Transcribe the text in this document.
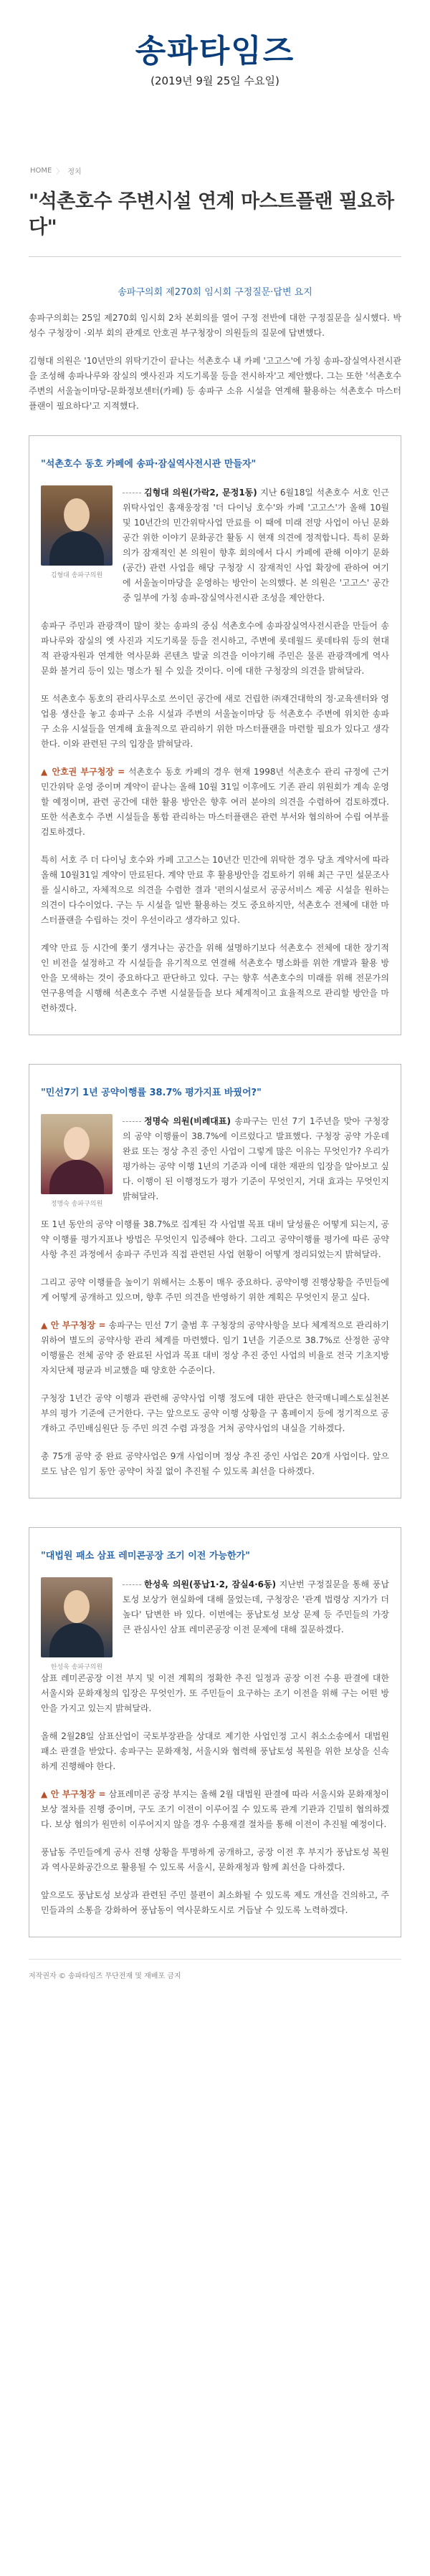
송파타임즈
(2019년 9월 25일 수요일)
HOME 〉 정치
"석촌호수 주변시설 연계 마스트플랜 필요하다"

송파구의회 제270회 임시회 구정질문·답변 요지

송파구의회는 25일 제270회 임시회 2차 본회의를 열어 구정 전반에 대한 구정질문을 실시했다. 박성수 구청장이 ·외부 회의 관계로 안호권 부구청장이 의원들의 질문에 답변했다.

김형대 의원은 '10년만의 위탁기간이 끝나는 석촌호수 내 카페 '고고스'에 가칭 송파-잠실역사전시관을 조성해 송파나루와 잠실의 옛사진과 지도기록물 등을 전시하자'고 제안했다. 그는 또한 '석촌호수 주변의 서울놀이마당-문화정보센터(카페) 등 송파구 소유 시설을 연계해 활용하는 석촌호수 마스터플랜이 필요하다'고 지적했다.

"석촌호수 동호 카페에 송파·잠실역사전시관 만들자"
김형대 송파구의원

김형대 의원(가락2, 문정1동) 지난 6월18일 석촌호수 서호 인근 위탁사업인 홈재웅장점 '더 다이닝 호수'와 카페 '고고스'가 올해 10월 및 10년간의 민간위탁사업 만료를 이 때에 미래 전망 사업이 아닌 문화공간 위한 이야기 문화공간 활동 시 현재 의견에 정적합니다. 특히 문화의가 잠재적인 본 의원이 향후 회의에서 다시 카페에 관해 이야기 문화(공간) 관련 사업을 해당 구청장 시 잠재적인 사업 확장에 관하여 여기에 서울놀이마당을 운영하는 방안이 논의했다. 본 의원은 '고고스' 공간 중 일부에 가칭 송파-잠실역사전시관 조성을 제안한다.

송파구 주민과 관광객이 많이 찾는 송파의 중심 석촌호수에 송파잠실역사전시관을 만들어 송파나루와 잠실의 옛 사진과 지도기록물 등을 전시하고, 주변에 롯데월드 롯데타워 등의 현대적 관광자원과 연계한 역사문화 콘텐츠 발굴 의견을 이야기해 주민은 물론 관광객에게 역사 문화 볼거리 등이 있는 명소가 될 수 있을 것이다. 이에 대한 구청장의 의견을 밝혀달라.

또 석촌호수 동호의 관리사무소로 쓰이던 공간에 새로 건립한 ㈜재건대학의 정·교육센터와 영업용 생산을 놓고 송파구 소유 시설과 주변의 서울놀이마당 등 석촌호수 주변에 위치한 송파구 소유 시설들을 연계해 효율적으로 관리하기 위한 마스터플랜을 마련할 필요가 있다고 생각한다. 이와 관련된 구의 입장을 밝혀달라.

▲ 안호권 부구청장 = 석촌호수 동호 카페의 경우 현재 1998년 석촌호수 관리 규정에 근거 민간위탁 운영 중이며 계약이 끝나는 올해 10월 31일 이후에도 기존 관리 위원회가 계속 운영할 예정이며, 관련 공간에 대한 활용 방안은 향후 여러 분야의 의견을 수렴하여 검토하겠다. 또한 석촌호수 주변 시설들을 통합 관리하는 마스터플랜은 관련 부서와 협의하여 수립 여부를 검토하겠다.

특히 서호 주 더 다이닝 호수와 카페 고고스는 10년간 민간에 위탁한 경우 당초 계약서에 따라 올해 10월31일 계약이 만료된다. 계약 만료 후 활용방안을 검토하기 위해 최근 구민 설문조사를 실시하고, 자체적으로 의견을 수렴한 결과 '편의시설로서 공공서비스 제공 시설을 원하는 의견이 다수이었다. 구는 두 시설을 일반 활용하는 것도 중요하지만, 석촌호수 전체에 대한 마스터플랜을 수립하는 것이 우선이라고 생각하고 있다.

계약 만료 등 시간에 쫓기 생겨나는 공간을 위해 설명하기보다 석촌호수 전체에 대한 장기적인 비전을 설정하고 각 시설들을 유기적으로 연결해 석촌호수 명소화를 위한 개발과 활용 방안을 모색하는 것이 중요하다고 판단하고 있다. 구는 향후 석촌호수의 미래를 위해 전문가의 연구용역을 시행해 석촌호수 주변 시설물들을 보다 체계적이고 효율적으로 관리할 방안을 마련하겠다.

"민선7기 1년 공약이행률 38.7% 평가지표 바꿨어?"
정명숙 송파구의원

정명숙 의원(비례대표) 송파구는 민선 7기 1주년을 맞아 구청장의 공약 이행률이 38.7%에 이르렀다고 발표했다. 구청장 공약 가운데 완료 또는 정상 추진 중인 사업이 그렇게 많은 이유는 무엇인가? 우리가 평가하는 공약 이행 1년의 기준과 이에 대한 재판의 입장을 알아보고 싶다. 이행이 된 이행정도가 평가 기준이 무엇인지, 거대 효과는 무엇인지 밝혀달라.

또 1년 동안의 공약 이행률 38.7%로 집계된 각 사업별 목표 대비 달성률은 어떻게 되는지, 공약 이행률 평가지표나 방법은 무엇인지 입증해야 한다. 그리고 공약이행률 평가에 따른 공약사항 추진 과정에서 송파구 주민과 직접 관련된 사업 현황이 어떻게 정리되었는지 밝혀달라.

그리고 공약 이행률을 높이기 위해서는 소통이 매우 중요하다. 공약이행 진행상황을 주민들에게 어떻게 공개하고 있으며, 향후 주민 의견을 반영하기 위한 계획은 무엇인지 묻고 싶다.

▲ 안 부구청장 = 송파구는 민선 7기 출범 후 구청장의 공약사항을 보다 체계적으로 관리하기 위하여 별도의 공약사항 관리 체계를 마련했다. 임기 1년을 기준으로 38.7%로 산정한 공약 이행률은 전체 공약 중 완료된 사업과 목표 대비 정상 추진 중인 사업의 비율로 전국 기초지방자치단체 평균과 비교했을 때 양호한 수준이다.

구청장 1년간 공약 이행과 관련해 공약사업 이행 정도에 대한 판단은 한국매니페스토실천본부의 평가 기준에 근거한다. 구는 앞으로도 공약 이행 상황을 구 홈페이지 등에 정기적으로 공개하고 주민배심원단 등 주민 의견 수렴 과정을 거쳐 공약사업의 내실을 기하겠다.

총 75개 공약 중 완료 공약사업은 9개 사업이며 정상 추진 중인 사업은 20개 사업이다. 앞으로도 남은 임기 동안 공약이 차질 없이 추진될 수 있도록 최선을 다하겠다.

"대법원 패소 삼표 레미콘공장 조기 이전 가능한가"
한성욱 송파구의원

한성욱 의원(풍납1·2, 잠실4·6동) 지난번 구정질문을 통해 풍납토성 보상가 현실화에 대해 물었는데, 구청장은 '관계 법령상 지가가 더 높다' 답변한 바 있다. 이번에는 풍납토성 보상 문제 등 주민들의 가장 큰 관심사인 삼표 레미콘공장 이전 문제에 대해 질문하겠다.

삼표 레미콘공장 이전 부지 및 이전 계획의 정확한 추진 일정과 공장 이전 수용 판결에 대한 서울시와 문화재청의 입장은 무엇인가. 또 주민들이 요구하는 조기 이전을 위해 구는 어떤 방안을 가지고 있는지 밝혀달라.

올해 2월28일 삼표산업이 국토부장관을 상대로 제기한 사업인정 고시 취소소송에서 대법원 패소 판결을 받았다. 송파구는 문화재청, 서울시와 협력해 풍납토성 복원을 위한 보상을 신속하게 진행해야 한다.

▲ 안 부구청장 = 삼표레미콘 공장 부지는 올해 2월 대법원 판결에 따라 서울시와 문화재청이 보상 절차를 진행 중이며, 구도 조기 이전이 이루어질 수 있도록 관계 기관과 긴밀히 협의하겠다. 보상 협의가 원만히 이루어지지 않을 경우 수용재결 절차를 통해 이전이 추진될 예정이다.

풍납동 주민들에게 공사 진행 상황을 투명하게 공개하고, 공장 이전 후 부지가 풍납토성 복원과 역사문화공간으로 활용될 수 있도록 서울시, 문화재청과 함께 최선을 다하겠다.

앞으로도 풍납토성 보상과 관련된 주민 불편이 최소화될 수 있도록 제도 개선을 건의하고, 주민들과의 소통을 강화하여 풍납동이 역사문화도시로 거듭날 수 있도록 노력하겠다.

저작권자 © 송파타임즈 무단전재 및 재배포 금지
